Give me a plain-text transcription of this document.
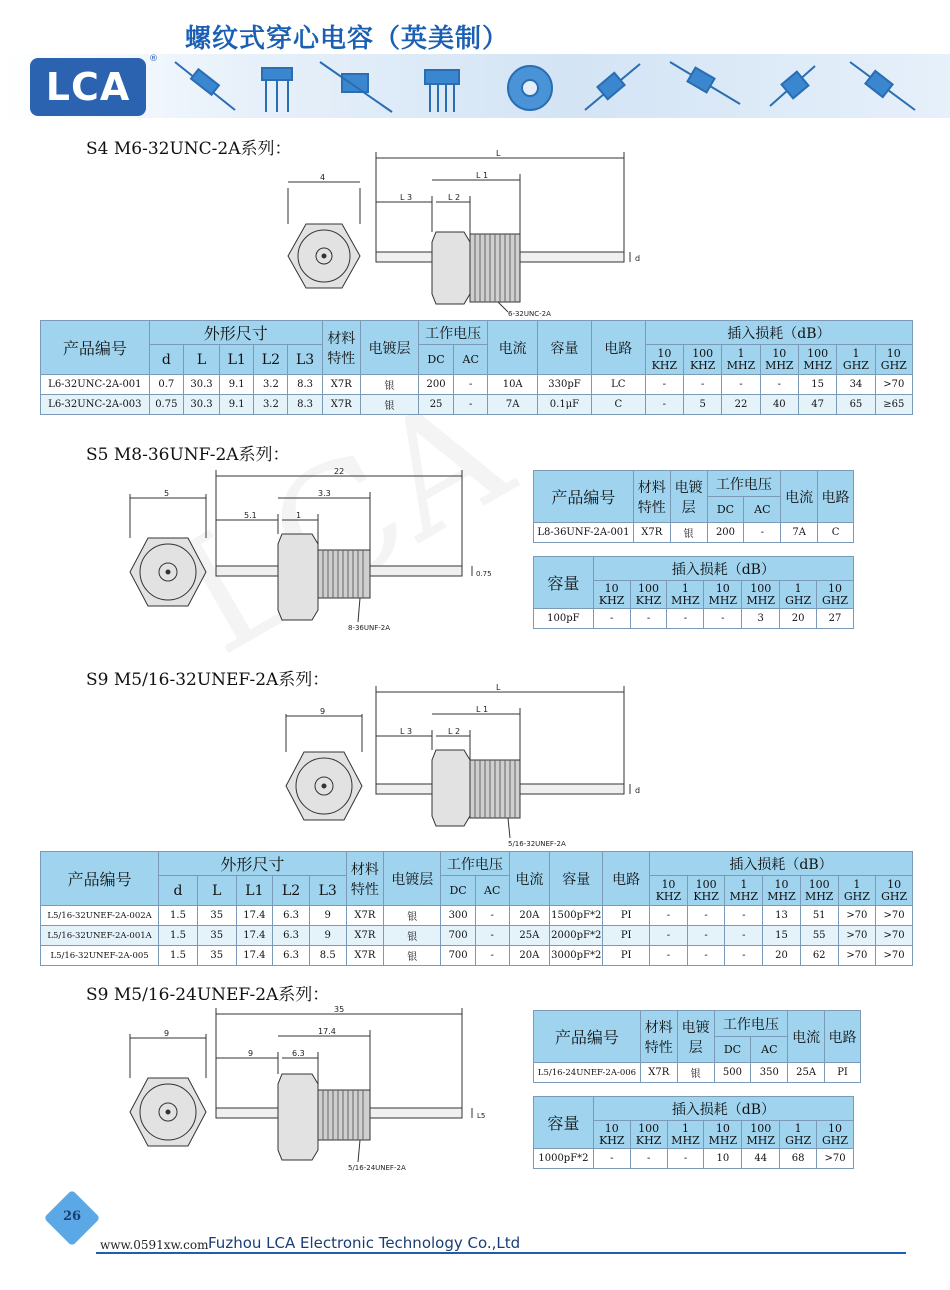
螺纹式穿心电容（英美制）
LCA
®
S4 M6-32UNC-2A系列：
4
L
L 1
L 2
L 3
d
6-32UNC-2A
产品编号	外形尺寸					材料
特性	电镀层	工作电压		电流	容量	电路	插入损耗（dB）						
	d	L	L1	L2	L3			DC	AC				10
KHZ	100
KHZ	1
MHZ	10
MHZ	100
MHZ	1
GHZ	10
GHZ
L6-32UNC-2A-001	0.7	30.3	9.1	3.2	8.3	X7R	银	200	-	10A	330pF	LC	-	-	-	-	15	34	>70
L6-32UNC-2A-003	0.75	30.3	9.1	3.2	8.3	X7R	银	25	-	7A	0.1μF	C	-	5	22	40	47	65	≥65
S5 M8-36UNF-2A系列：
5
22
3.3
5.1	1
0.75
8-36UNF-2A
产品编号	材料
特性	电镀
层	工作电压		电流	电路
			DC	AC		
L8-36UNF-2A-001	X7R	银	200	-	7A	C
容量	插入损耗（dB）						
	10
KHZ	100
KHZ	1
MHZ	10
MHZ	100
MHZ	1
GHZ	10
GHZ
100pF	-	-	-	-	3	20	27
S9 M5/16-32UNEF-2A系列：
9
L
L 1
L 2
L 3
d
5/16-32UNEF-2A
产品编号	外形尺寸					材料
特性	电镀层	工作电压		电流	容量	电路	插入损耗（dB）						
	d	L	L1	L2	L3			DC	AC				10
KHZ	100
KHZ	1
MHZ	10
MHZ	100
MHZ	1
GHZ	10
GHZ
L5/16-32UNEF-2A-002A	1.5	35	17.4	6.3	9	X7R	银	300	-	20A	1500pF*2	PI	-	-	-	13	51	>70	>70
L5/16-32UNEF-2A-001A	1.5	35	17.4	6.3	9	X7R	银	700	-	25A	2000pF*2	PI	-	-	-	15	55	>70	>70
L5/16-32UNEF-2A-005	1.5	35	17.4	6.3	8.5	X7R	银	700	-	20A	3000pF*2	PI	-	-	-	20	62	>70	>70
S9 M5/16-24UNEF-2A系列：
9
35
17.4
9	6.3
L5
5/16-24UNEF-2A
产品编号	材料
特性	电镀
层	工作电压		电流	电路
			DC	AC		
L5/16-24UNEF-2A-006	X7R	银	500	350	25A	PI
容量	插入损耗（dB）						
	10
KHZ	100
KHZ	1
MHZ	10
MHZ	100
MHZ	1
GHZ	10
GHZ
1000pF*2	-	-	-	10	44	68	>70
26
www.0591xw.com Fuzhou LCA Electronic Technology Co.,Ltd
